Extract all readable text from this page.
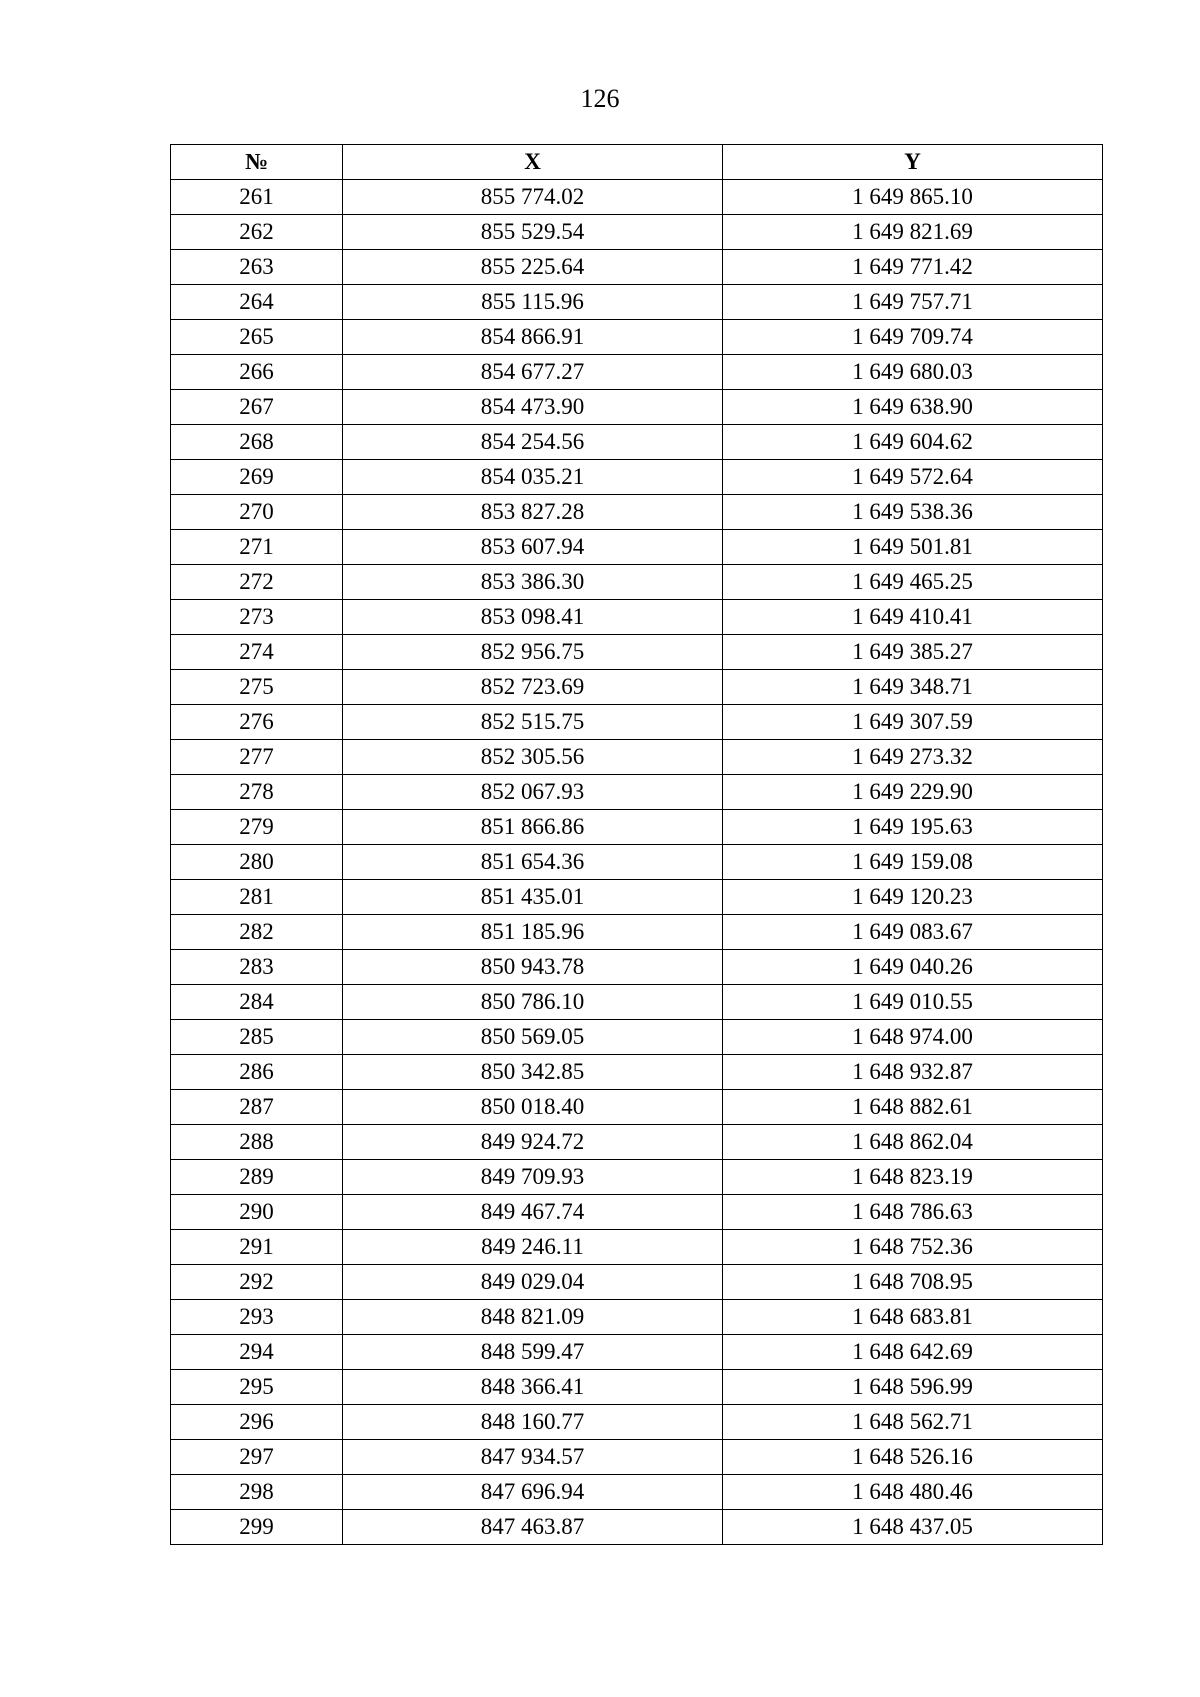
126
№	X	Y
261	855 774.02	1 649 865.10
262	855 529.54	1 649 821.69
263	855 225.64	1 649 771.42
264	855 115.96	1 649 757.71
265	854 866.91	1 649 709.74
266	854 677.27	1 649 680.03
267	854 473.90	1 649 638.90
268	854 254.56	1 649 604.62
269	854 035.21	1 649 572.64
270	853 827.28	1 649 538.36
271	853 607.94	1 649 501.81
272	853 386.30	1 649 465.25
273	853 098.41	1 649 410.41
274	852 956.75	1 649 385.27
275	852 723.69	1 649 348.71
276	852 515.75	1 649 307.59
277	852 305.56	1 649 273.32
278	852 067.93	1 649 229.90
279	851 866.86	1 649 195.63
280	851 654.36	1 649 159.08
281	851 435.01	1 649 120.23
282	851 185.96	1 649 083.67
283	850 943.78	1 649 040.26
284	850 786.10	1 649 010.55
285	850 569.05	1 648 974.00
286	850 342.85	1 648 932.87
287	850 018.40	1 648 882.61
288	849 924.72	1 648 862.04
289	849 709.93	1 648 823.19
290	849 467.74	1 648 786.63
291	849 246.11	1 648 752.36
292	849 029.04	1 648 708.95
293	848 821.09	1 648 683.81
294	848 599.47	1 648 642.69
295	848 366.41	1 648 596.99
296	848 160.77	1 648 562.71
297	847 934.57	1 648 526.16
298	847 696.94	1 648 480.46
299	847 463.87	1 648 437.05
